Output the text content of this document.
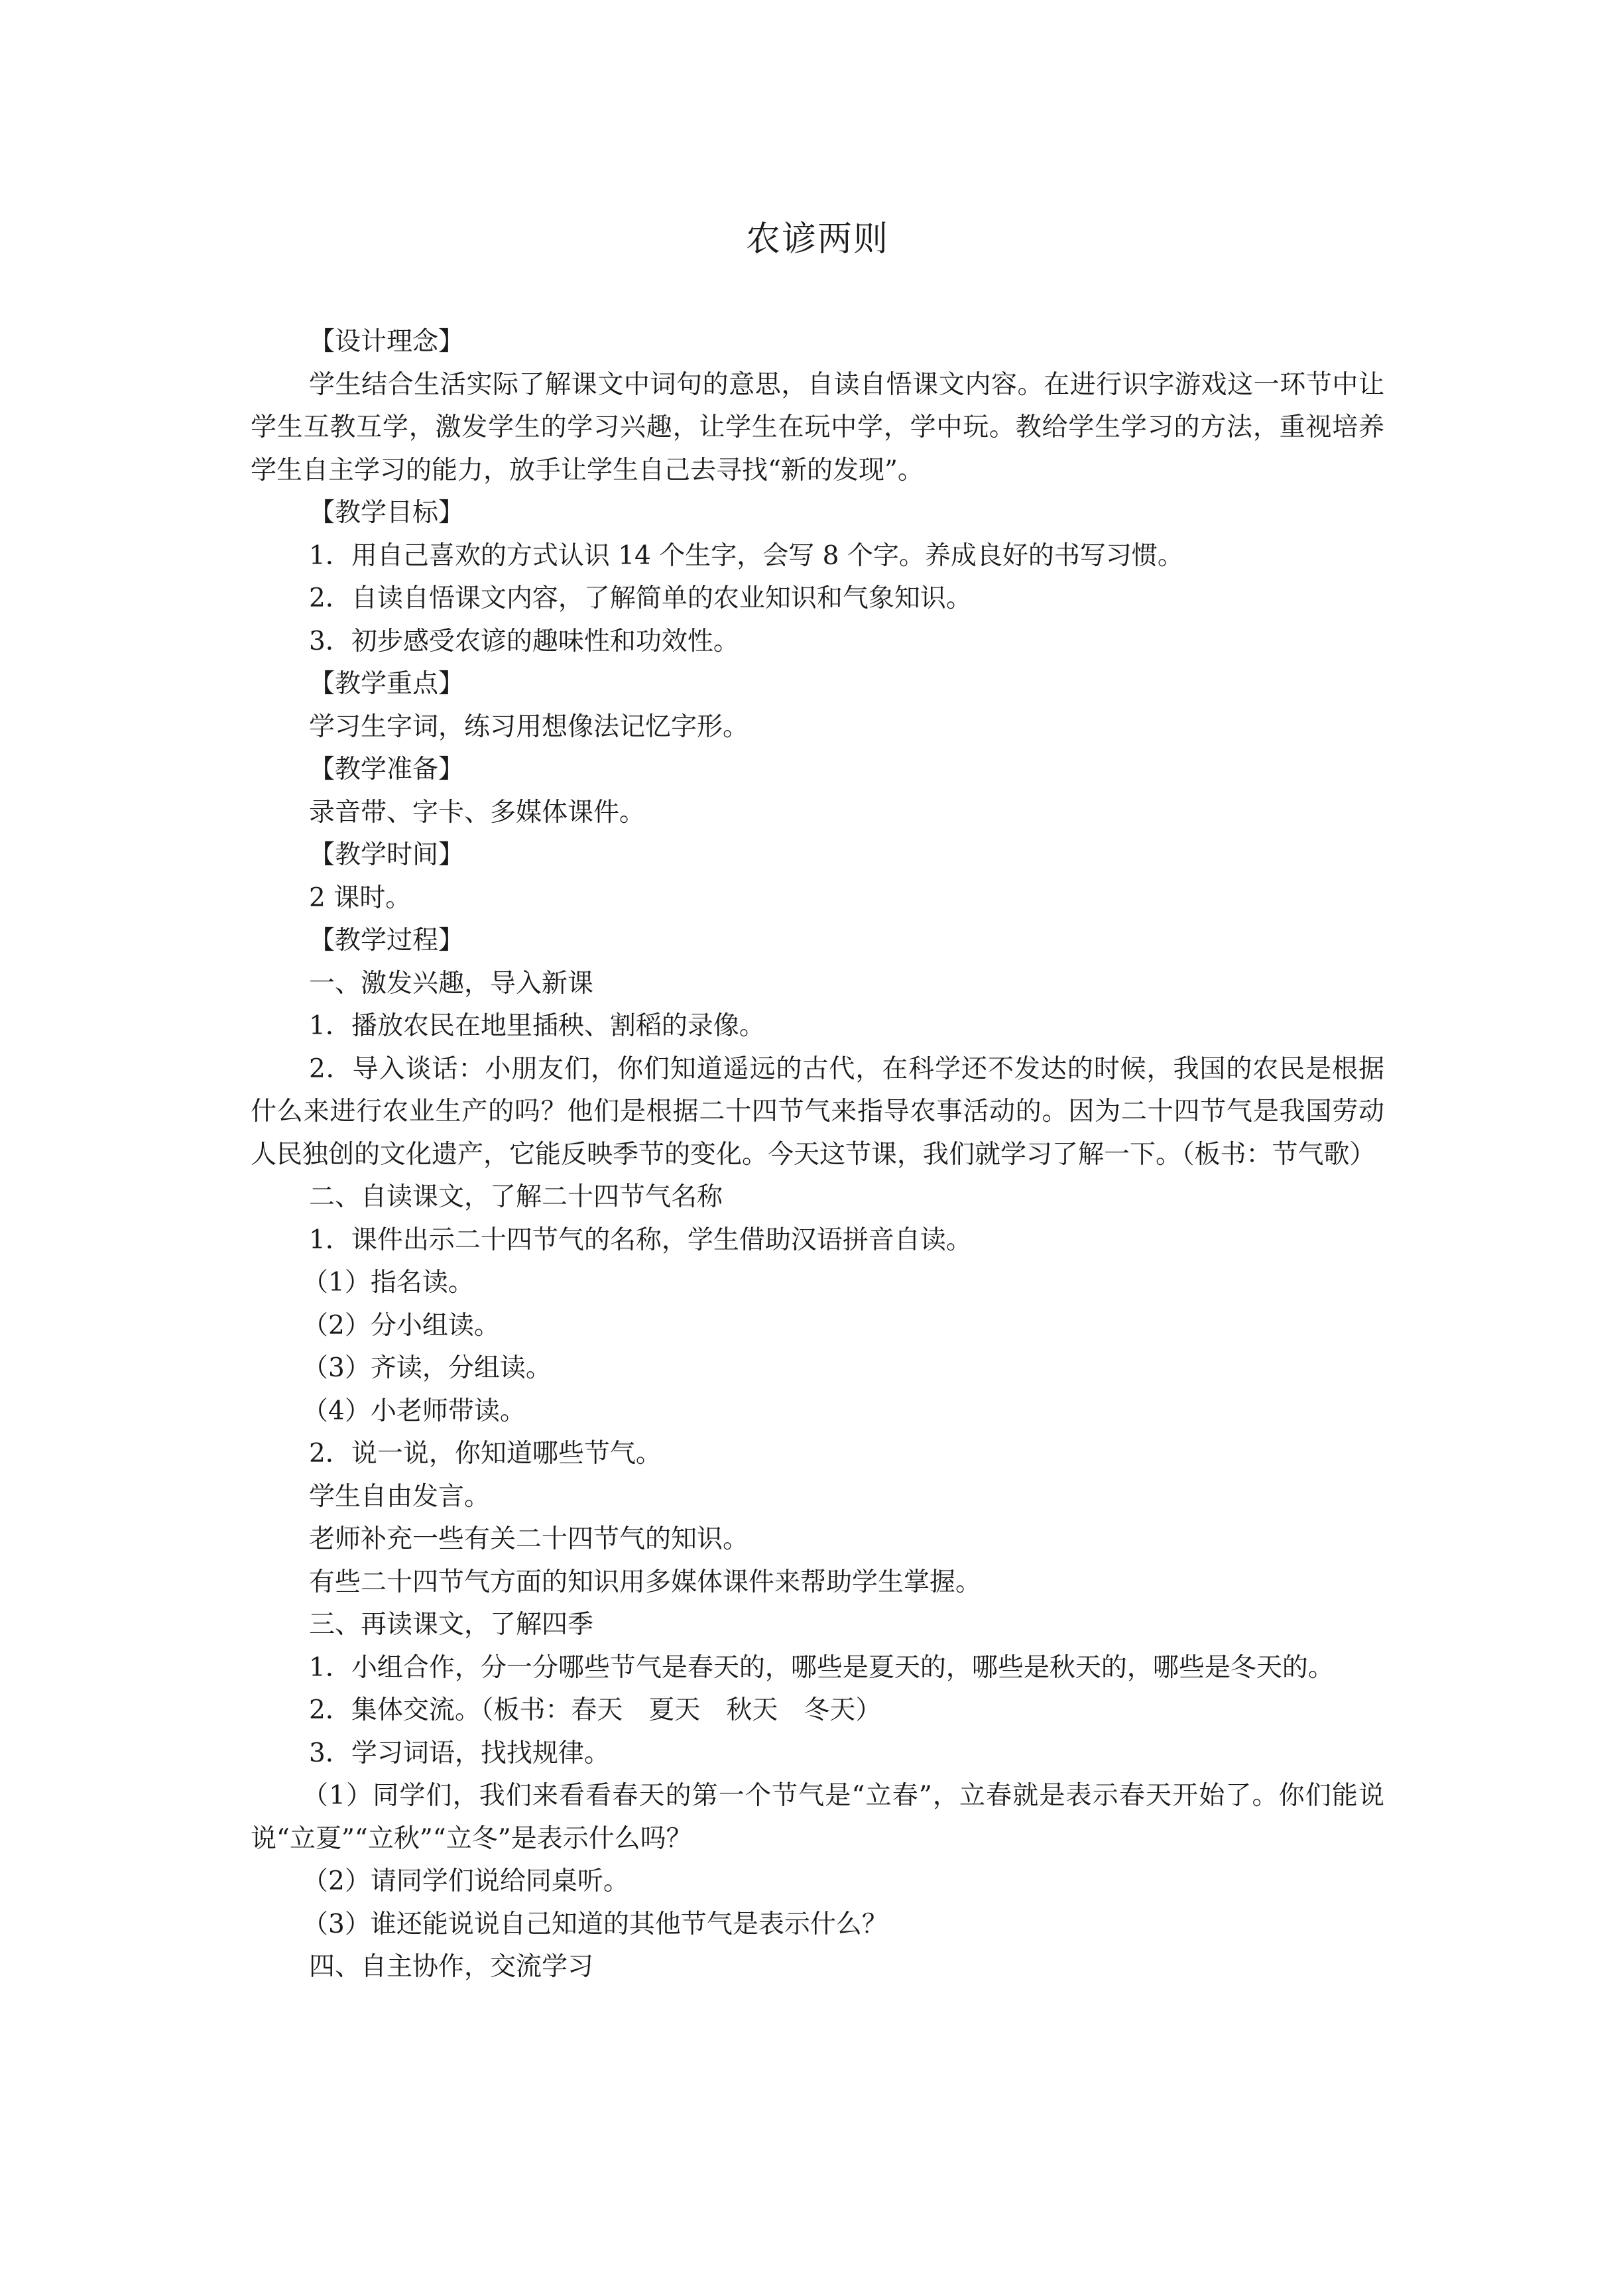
农谚两则

【设计理念】

学生结合生活实际了解课文中词句的意思，自读自悟课文内容。在进行识字游戏这一环节中让学生互教互学，激发学生的学习兴趣，让学生在玩中学，学中玩。教给学生学习的方法，重视培养学生自主学习的能力，放手让学生自己去寻找“新的发现”。

【教学目标】

1．用自己喜欢的方式认识 14 个生字，会写 8 个字。养成良好的书写习惯。

2．自读自悟课文内容，了解简单的农业知识和气象知识。

3．初步感受农谚的趣味性和功效性。

【教学重点】

学习生字词，练习用想像法记忆字形。

【教学准备】

录音带、字卡、多媒体课件。

【教学时间】

2 课时。

【教学过程】

一、激发兴趣，导入新课

1．播放农民在地里插秧、割稻的录像。

2．导入谈话：小朋友们，你们知道遥远的古代，在科学还不发达的时候，我国的农民是根据什么来进行农业生产的吗？他们是根据二十四节气来指导农事活动的。因为二十四节气是我国劳动人民独创的文化遗产，它能反映季节的变化。今天这节课，我们就学习了解一下。（板书：节气歌）

二、自读课文，了解二十四节气名称

1．课件出示二十四节气的名称，学生借助汉语拼音自读。

（1）指名读。

（2）分小组读。

（3）齐读，分组读。

（4）小老师带读。

2．说一说，你知道哪些节气。

学生自由发言。

老师补充一些有关二十四节气的知识。

有些二十四节气方面的知识用多媒体课件来帮助学生掌握。

三、再读课文，了解四季

1．小组合作，分一分哪些节气是春天的，哪些是夏天的，哪些是秋天的，哪些是冬天的。

2．集体交流。（板书：春天　夏天　秋天　冬天）

3．学习词语，找找规律。

（1）同学们，我们来看看春天的第一个节气是“立春”，立春就是表示春天开始了。你们能说说“立夏”“立秋”“立冬”是表示什么吗？

（2）请同学们说给同桌听。

（3）谁还能说说自己知道的其他节气是表示什么？

四、自主协作，交流学习
